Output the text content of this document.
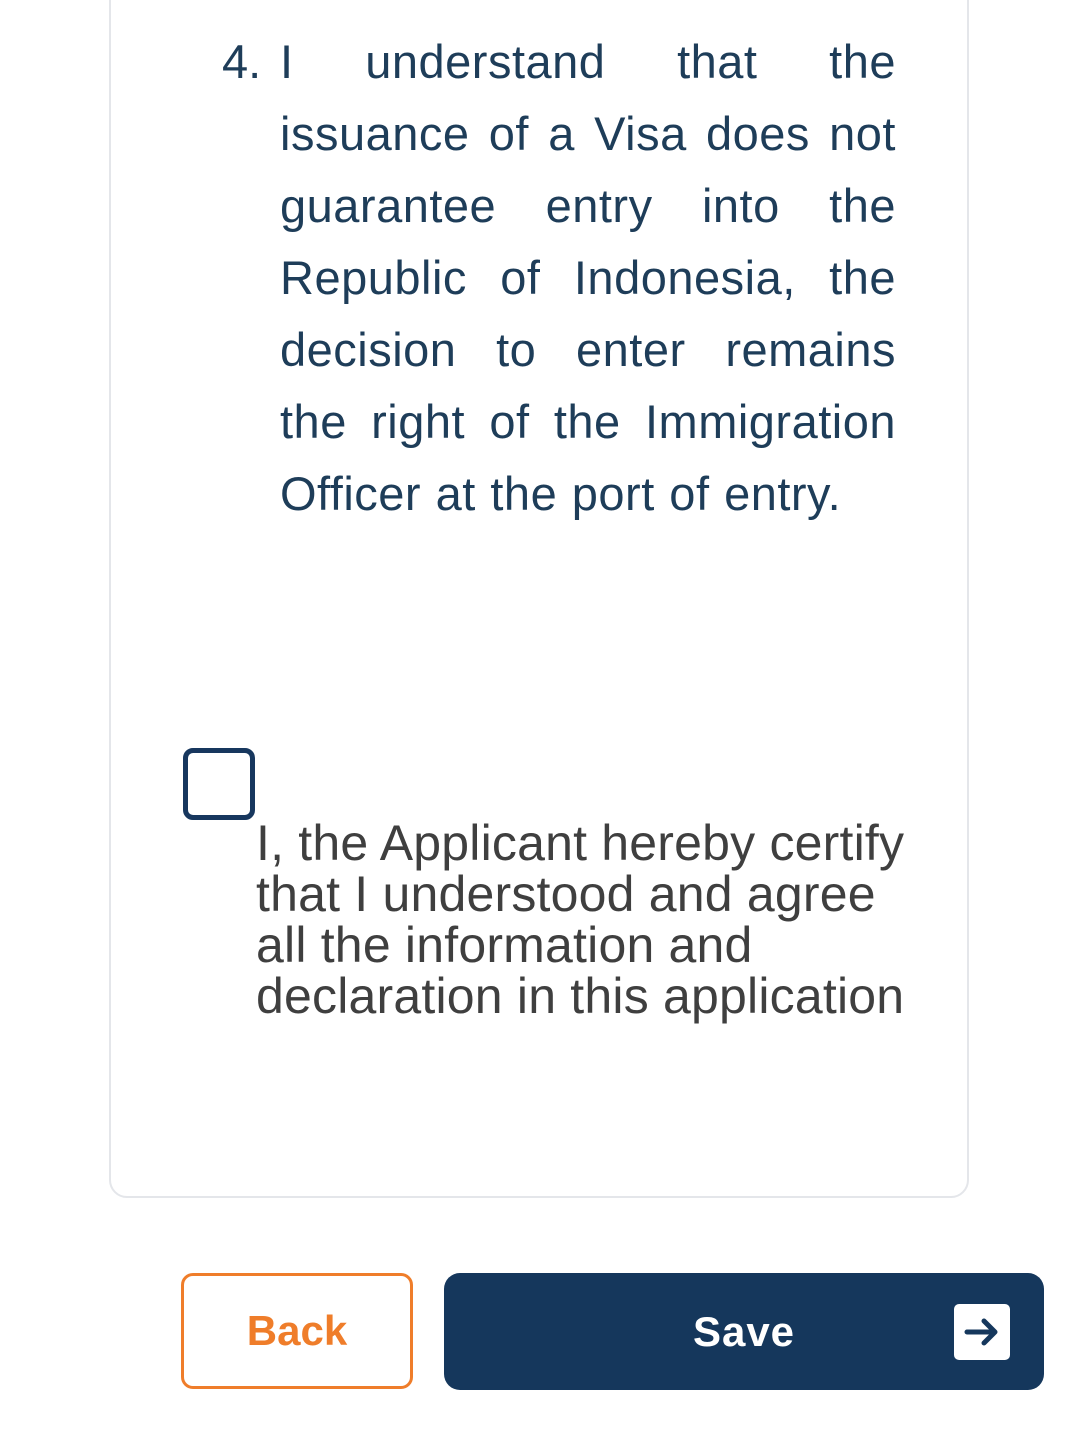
4. I understand that the issuance of a Visa does not guarantee entry into the Republic of Indonesia, the decision to enter remains the right of the Immigration Officer at the port of entry.

I, the Applicant hereby certify that I understood and agree all the information and declaration in this application

Back	Save
